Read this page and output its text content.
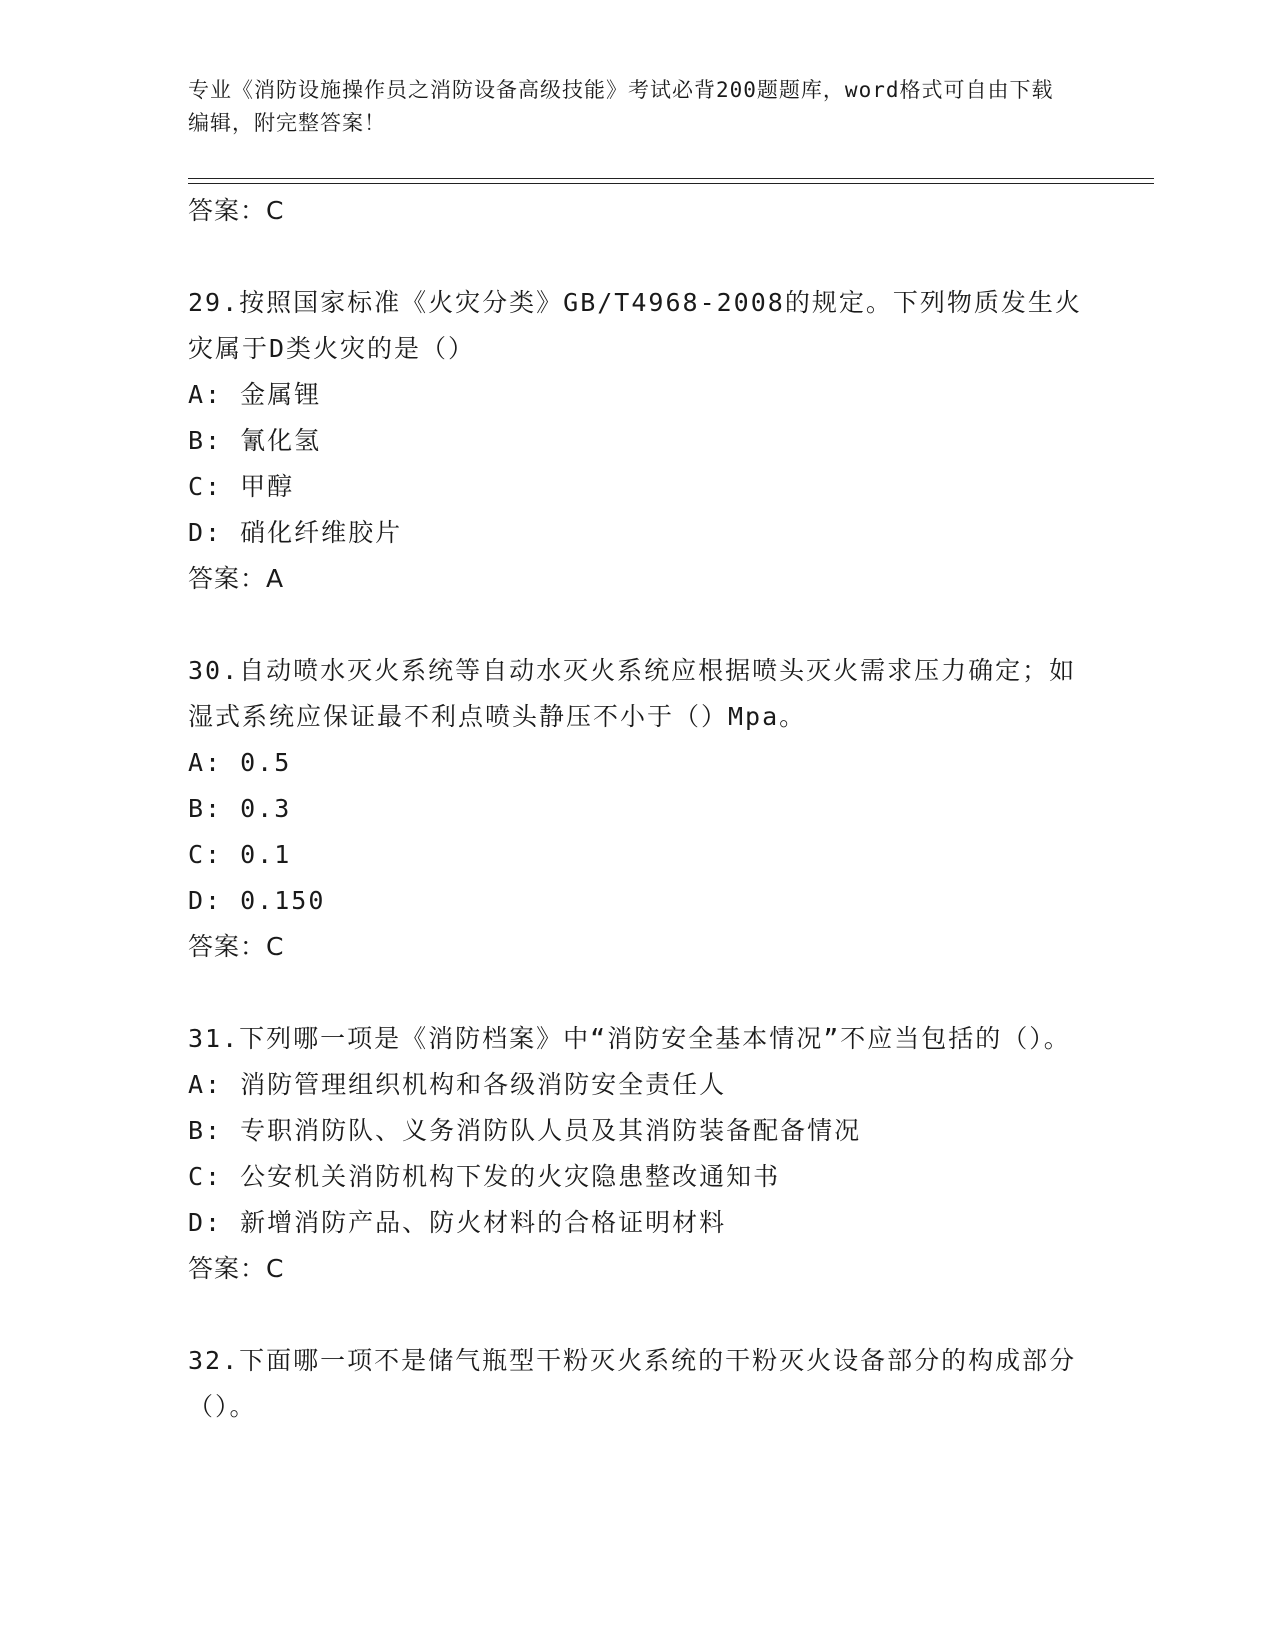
专业《消防设施操作员之消防设备高级技能》考试必背200题题库，word格式可自由下载编辑，附完整答案！
答案：C
29.按照国家标准《火灾分类》GB/T4968-2008的规定。下列物质发生火灾属于D类火灾的是（）
A: 金属锂
B: 氰化氢
C: 甲醇
D: 硝化纤维胶片
答案：A
30.自动喷水灭火系统等自动水灭火系统应根据喷头灭火需求压力确定；如湿式系统应保证最不利点喷头静压不小于（）Mpa。
A: 0.5
B: 0.3
C: 0.1
D: 0.150
答案：C
31.下列哪一项是《消防档案》中“消防安全基本情况”不应当包括的（）。
A: 消防管理组织机构和各级消防安全责任人
B: 专职消防队、义务消防队人员及其消防装备配备情况
C: 公安机关消防机构下发的火灾隐患整改通知书
D: 新增消防产品、防火材料的合格证明材料
答案：C
32.下面哪一项不是储气瓶型干粉灭火系统的干粉灭火设备部分的构成部分（）。
